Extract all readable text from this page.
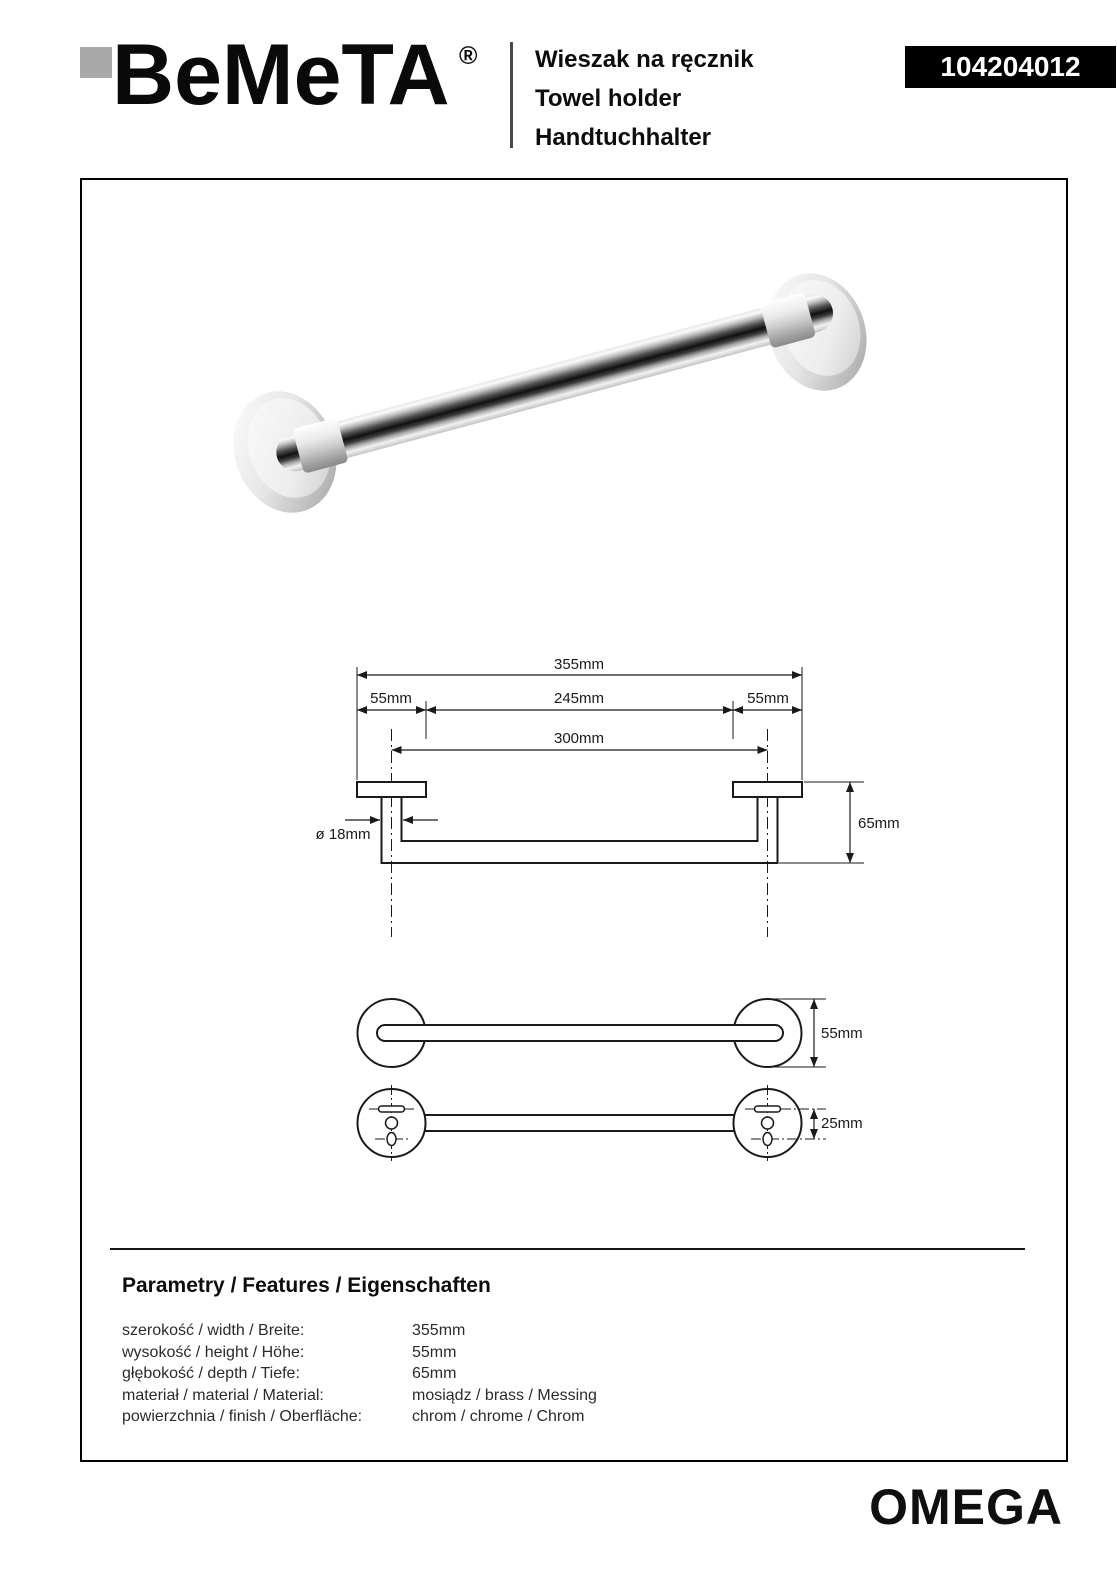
BeMeTA ® Wieszak na ręcznik
Towel holder
Handtuchhalter
104204012
355mm
55mm	245mm	55mm
300mm
ø 18mm
65mm
55mm
25mm
Parametry / Features / Eigenschaften
szerokość / width / Breite:	355mm
wysokość / height / Höhe:	55mm
głębokość / depth / Tiefe:	65mm
materiał / material / Material:	mosiądz / brass / Messing
powierzchnia / finish / Oberfläche:	chrom / chrome / Chrom
OMEGA
